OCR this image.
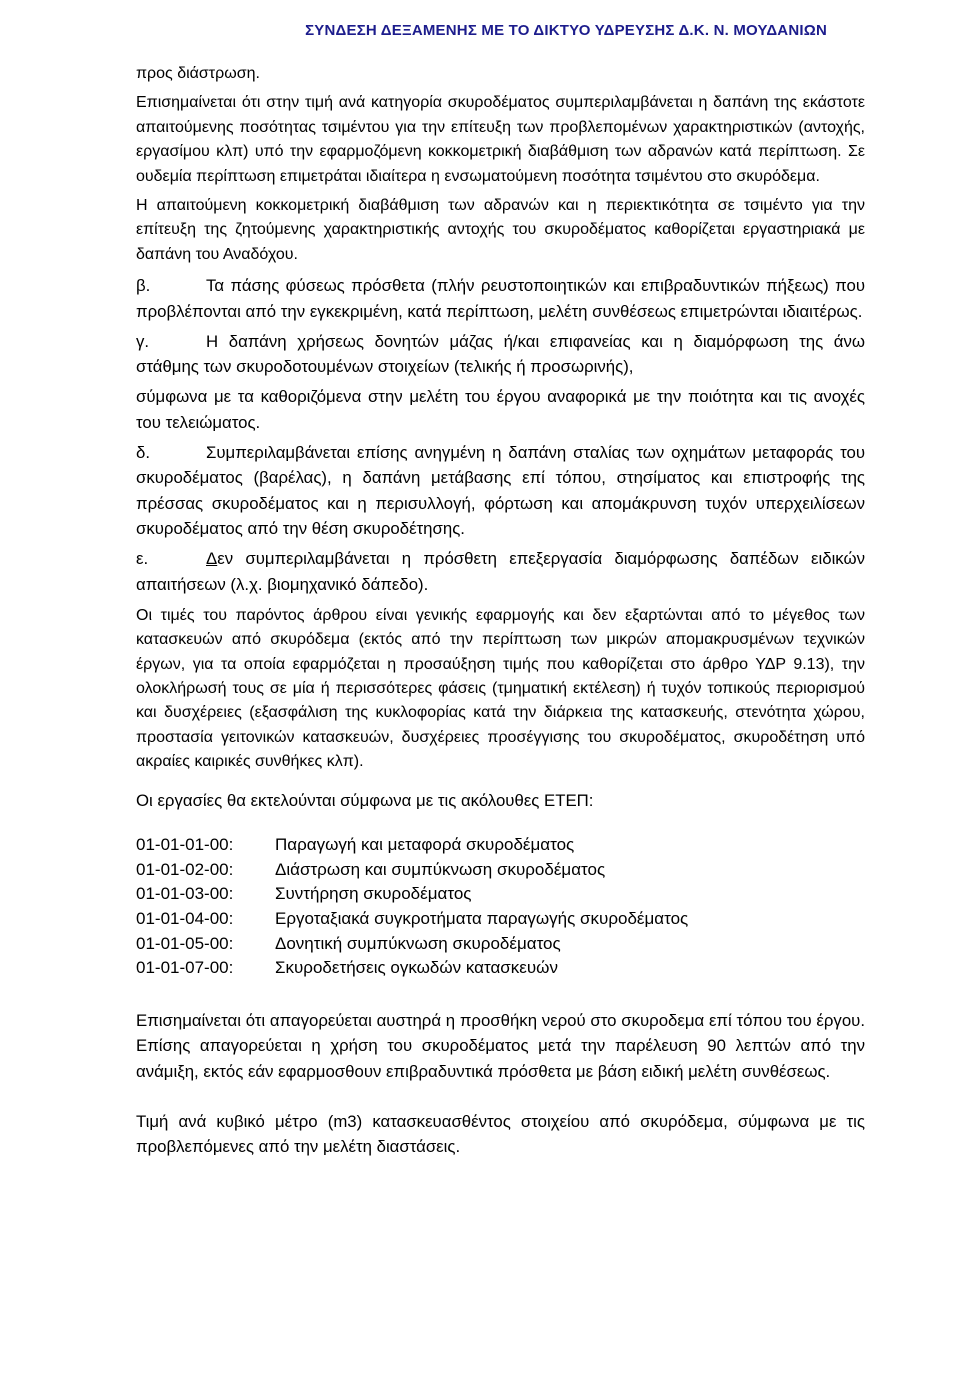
ΣΥΝΔΕΣΗ ΔΕΞΑΜΕΝΗΣ ΜΕ ΤΟ ΔΙΚΤΥΟ ΥΔΡΕΥΣΗΣ Δ.Κ. Ν. ΜΟΥΔΑΝΙΩΝ

προς διάστρωση.

Επισημαίνεται ότι στην τιμή ανά κατηγορία σκυροδέματος συμπεριλαμβάνεται η δαπάνη της εκάστοτε απαιτούμενης ποσότητας τσιμέντου για την επίτευξη των προβλεπομένων χαρακτηριστικών (αντοχής, εργασίμου κλπ) υπό την εφαρμοζόμενη κοκκομετρική διαβάθμιση των αδρανών κατά περίπτωση. Σε ουδεμία περίπτωση επιμετράται ιδιαίτερα η ενσωματούμενη ποσότητα τσιμέντου στο σκυρόδεμα.

Η απαιτούμενη κοκκομετρική διαβάθμιση των αδρανών και η περιεκτικότητα σε τσιμέντο για την επίτευξη της ζητούμενης χαρακτηριστικής αντοχής του σκυροδέματος καθορίζεται εργαστηριακά με δαπάνη του Αναδόχου.

β.	Τα πάσης φύσεως πρόσθετα (πλήν ρευστοποιητικών και επιβραδυντικών πήξεως) που προβλέπονται από την εγκεκριμένη, κατά περίπτωση, μελέτη συνθέσεως επιμετρώνται ιδιαιτέρως.

γ.	Η δαπάνη χρήσεως δονητών μάζας ή/και επιφανείας και η διαμόρφωση της άνω στάθμης των σκυροδοτουμένων στοιχείων (τελικής ή προσωρινής),

σύμφωνα με τα καθοριζόμενα στην μελέτη του έργου αναφορικά με την ποιότητα και τις ανοχές του τελειώματος.

δ.	Συμπεριλαμβάνεται επίσης ανηγμένη η δαπάνη σταλίας των οχημάτων μεταφοράς του σκυροδέματος (βαρέλας), η δαπάνη μετάβασης επί τόπου, στησίματος και επιστροφής της πρέσσας σκυροδέματος και η περισυλλογή, φόρτωση και απομάκρυνση τυχόν υπερχειλίσεων σκυροδέματος από την θέση σκυροδέτησης.

ε.	Δεν συμπεριλαμβάνεται η πρόσθετη επεξεργασία διαμόρφωσης δαπέδων ειδικών απαιτήσεων (λ.χ. βιομηχανικό δάπεδο).

Οι τιμές του παρόντος άρθρου είναι γενικής εφαρμογής και δεν εξαρτώνται από το μέγεθος των κατασκευών από σκυρόδεμα (εκτός από την περίπτωση των μικρών απομακρυσμένων τεχνικών έργων, για τα οποία εφαρμόζεται η προσαύξηση τιμής που καθορίζεται στο άρθρο ΥΔΡ 9.13), την ολοκλήρωσή τους σε μία ή περισσότερες φάσεις (τμηματική εκτέλεση) ή τυχόν τοπικούς περιορισμού και δυσχέρειες (εξασφάλιση της κυκλοφορίας κατά την διάρκεια της κατασκευής, στενότητα χώρου, προστασία γειτονικών κατασκευών, δυσχέρειες προσέγγισης του σκυροδέματος, σκυροδέτηση υπό ακραίες καιρικές συνθήκες κλπ).

Οι εργασίες θα εκτελούνται σύμφωνα με τις ακόλουθες ΕΤΕΠ:

01-01-01-00: Παραγωγή και μεταφορά σκυροδέματος
01-01-02-00: Διάστρωση και συμπύκνωση σκυροδέματος
01-01-03-00: Συντήρηση σκυροδέματος
01-01-04-00: Εργοταξιακά συγκροτήματα παραγωγής σκυροδέματος
01-01-05-00: Δονητική συμπύκνωση σκυροδέματος
01-01-07-00: Σκυροδετήσεις ογκωδών κατασκευών

Επισημαίνεται ότι απαγορεύεται αυστηρά η προσθήκη νερού στο σκυροδεμα επί τόπου του έργου. Επίσης απαγορεύεται η χρήση του σκυροδέματος μετά την παρέλευση 90 λεπτών από την ανάμιξη, εκτός εάν εφαρμοσθουν επιβραδυντικά πρόσθετα με βάση ειδική μελέτη συνθέσεως.

Τιμή ανά κυβικό μέτρο (m3) κατασκευασθέντος στοιχείου από σκυρόδεμα, σύμφωνα με τις προβλεπόμενες από την μελέτη διαστάσεις.
